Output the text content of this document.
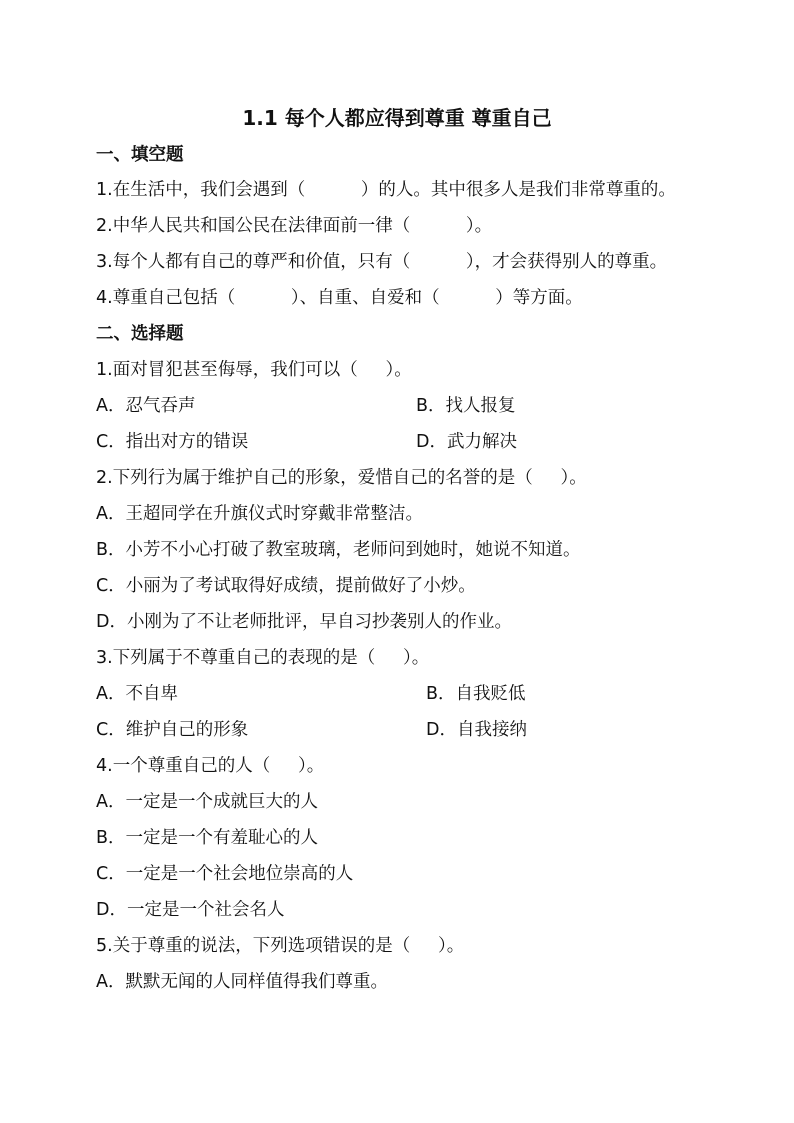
1.1 每个人都应得到尊重 尊重自己
一、填空题
1.在生活中，我们会遇到（          ）的人。其中很多人是我们非常尊重的。
2.中华人民共和国公民在法律面前一律（          ）。
3.每个人都有自己的尊严和价值，只有（          ），才会获得别人的尊重。
4.尊重自己包括（          ）、自重、自爱和（          ）等方面。
二、选择题
1.面对冒犯甚至侮辱，我们可以（     ）。
A．忍气吞声	B．找人报复
C．指出对方的错误	D．武力解决
2.下列行为属于维护自己的形象，爱惜自己的名誉的是（     ）。
A．王超同学在升旗仪式时穿戴非常整洁。
B．小芳不小心打破了教室玻璃，老师问到她时，她说不知道。
C．小丽为了考试取得好成绩，提前做好了小炒。
D．小刚为了不让老师批评，早自习抄袭别人的作业。
3.下列属于不尊重自己的表现的是（     ）。
A．不自卑	B．自我贬低
C．维护自己的形象	D．自我接纳
4.一个尊重自己的人（     ）。
A．一定是一个成就巨大的人
B．一定是一个有羞耻心的人
C．一定是一个社会地位崇高的人
D．一定是一个社会名人
5.关于尊重的说法，下列选项错误的是（     ）。
A．默默无闻的人同样值得我们尊重。
